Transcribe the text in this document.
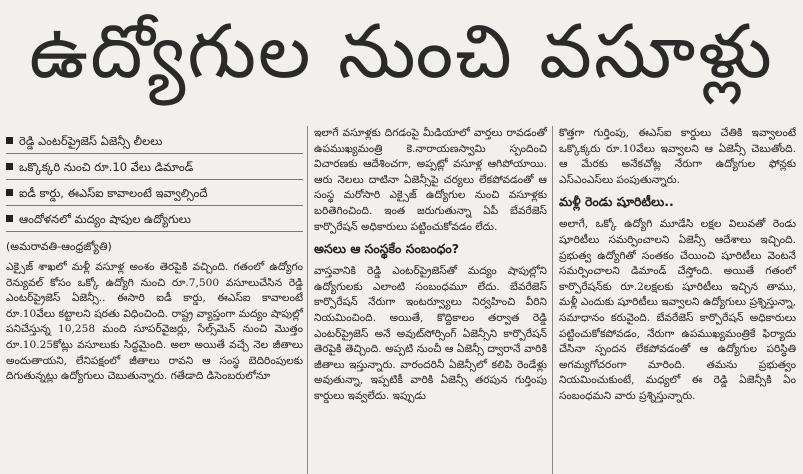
ఉద్యోగుల నుంచి వసూళ్లు
రెడ్డి ఎంటర్‌ప్రైజెస్ ఏజెన్సీ లీలలు
ఒక్కొక్కరి నుంచి రూ.10 వేలు డిమాండ్
ఐడీ కార్డు, ఈఎస్ఐ కావాలంటే ఇవ్వాల్సిందే
ఆందోళనలో మద్యం షాపుల ఉద్యోగులు
(అమరావతి-ఆంధ్రజ్యోతి)

ఎక్సైజ్ శాఖలో మళ్లీ వసూళ్ల అంశం తెరపైకి వచ్చింది. గతంలో ఉద్యోగం రెన్యువల్ కోసం ఒక్కో ఉద్యోగి నుంచి రూ.7,500 వసూలుచేసిన రెడ్డి ఎంటర్‌ప్రైజెస్ ఏజెన్సీ.. ఈసారి ఐడీ కార్డు, ఈఎస్ఐ కావాలంటే రూ.10వేలు కట్టాలని షరతు విధించింది. రాష్ట్ర వ్యాప్తంగా మద్యం షాపుల్లో పనిచేస్తున్న 10,258 మంది సూపర్‌వైజర్లు, సేల్స్‌మెన్ నుంచి మొత్తం రూ.10.25కోట్లు వసూలుకు సిద్ధమైంది. అలా అయితే వచ్చే నెల జీతాలు అందుతాయని, లేనిపక్షంలో జీతాలు రావని ఆ సంస్థ బెదిరింపులకు దిగుతున్నట్లు ఉద్యోగులు చెబుతున్నారు. గతేడాది డిసెంబరులోనూ

ఇలాగే వసూళ్లకు దిగడంపై మీడియాలో వార్తలు రావడంతో ఉపముఖ్యమంత్రి కె.నారాయణస్వామి స్పందించి విచారణకు ఆదేశించగా, అప్పట్లో వసూళ్ల ఆగిపోయాయి. ఆరు నెలలు దాటినా ఏజెన్సీపై చర్యలు లేకపోవడంతో ఆ సంస్థ మరోసారి ఎక్సైజ్ ఉద్యోగుల నుంచి వసూళ్లకు బరితెగించింది. ఇంత జరుగుతున్నా ఏపీ బేవరేజెస్ కార్పొరేషన్ అధికారులు పట్టించుకోవడం లేదు.

అసలు ఆ సంస్థకేం సంబంధం?

వాస్తవానికి రెడ్డి ఎంటర్‌ప్రైజెస్‌తో మద్యం షాపుల్లోని ఉద్యోగులకు ఎలాంటి సంబంధమూ లేదు. బేవరేజెస్ కార్పొరేషన్ నేరుగా ఇంటర్వ్యూలు నిర్వహించి వీరిని నియమించింది. అయితే, కొద్దికాలం తర్వాత రెడ్డి ఎంటర్‌ప్రైజెస్ అనే అవుట్‌సోర్సింగ్ ఏజెన్సీని కార్పొరేషన్ తెరపైకి తెచ్చింది. అప్పటి నుంచీ ఆ ఏజెన్సీ ద్వారానే వారికి జీతాలు ఇస్తున్నారు. వారందరినీ ఏజెన్సీలో కలిపి రెండేళ్లు అవుతున్నా, ఇప్పటికీ వారికి ఏజెన్సీ తరపున గుర్తింపు కార్డులు ఇవ్వలేదు. ఇప్పుడు

కొత్తగా గుర్తింపు, ఈఎస్ఐ కార్డులు చేతికి ఇవ్వాలంటే ఒక్కొక్కరు రూ.10వేలు ఇవ్వాలని ఆ ఏజెన్సీ చెబుతోంది. ఆ మేరకు అనేకచోట్ల నేరుగా ఉద్యోగుల ఫోన్లకు ఎస్ఎంఎస్‌లు పంపుతున్నారు.

మళ్లీ రెండు షూరిటీలు..

అలాగే, ఒక్కో ఉద్యోగి మూడేసి లక్షల విలువతో రెండు షూరిటీలు సమర్పించాలని ఏజెన్సీ ఆదేశాలు ఇచ్చింది. ప్రభుత్వ ఉద్యోగితో సంతకం చేయించి షూరిటీలు వెంటనే సమర్పించాలని డిమాండ్ చేస్తోంది. అయితే గతంలో కార్పొరేషన్‌కు రూ.2లక్షలకు షూరిటీలు ఇచ్చిన తాము, మళ్లీ ఎందుకు షూరిటీలు ఇవ్వాలని ఉద్యోగులు ప్రశ్నిస్తున్నా, సమాధానం కరువైంది. బేవరేజెస్ కార్పొరేషన్ అధికారులు పట్టించుకోకపోవడం, నేరుగా ఉపముఖ్యమంత్రికే ఫిర్యాదు చేసినా స్పందన లేకపోవడంతో ఆ ఉద్యోగుల పరిస్థితి అగమ్యగోచరంగా మారింది. తమను ప్రభుత్వం నియమించుకుంటే, మధ్యలో ఈ రెడ్డి ఏజెన్సీకి ఏం సంబంధమని వారు ప్రశ్నిస్తున్నారు.
